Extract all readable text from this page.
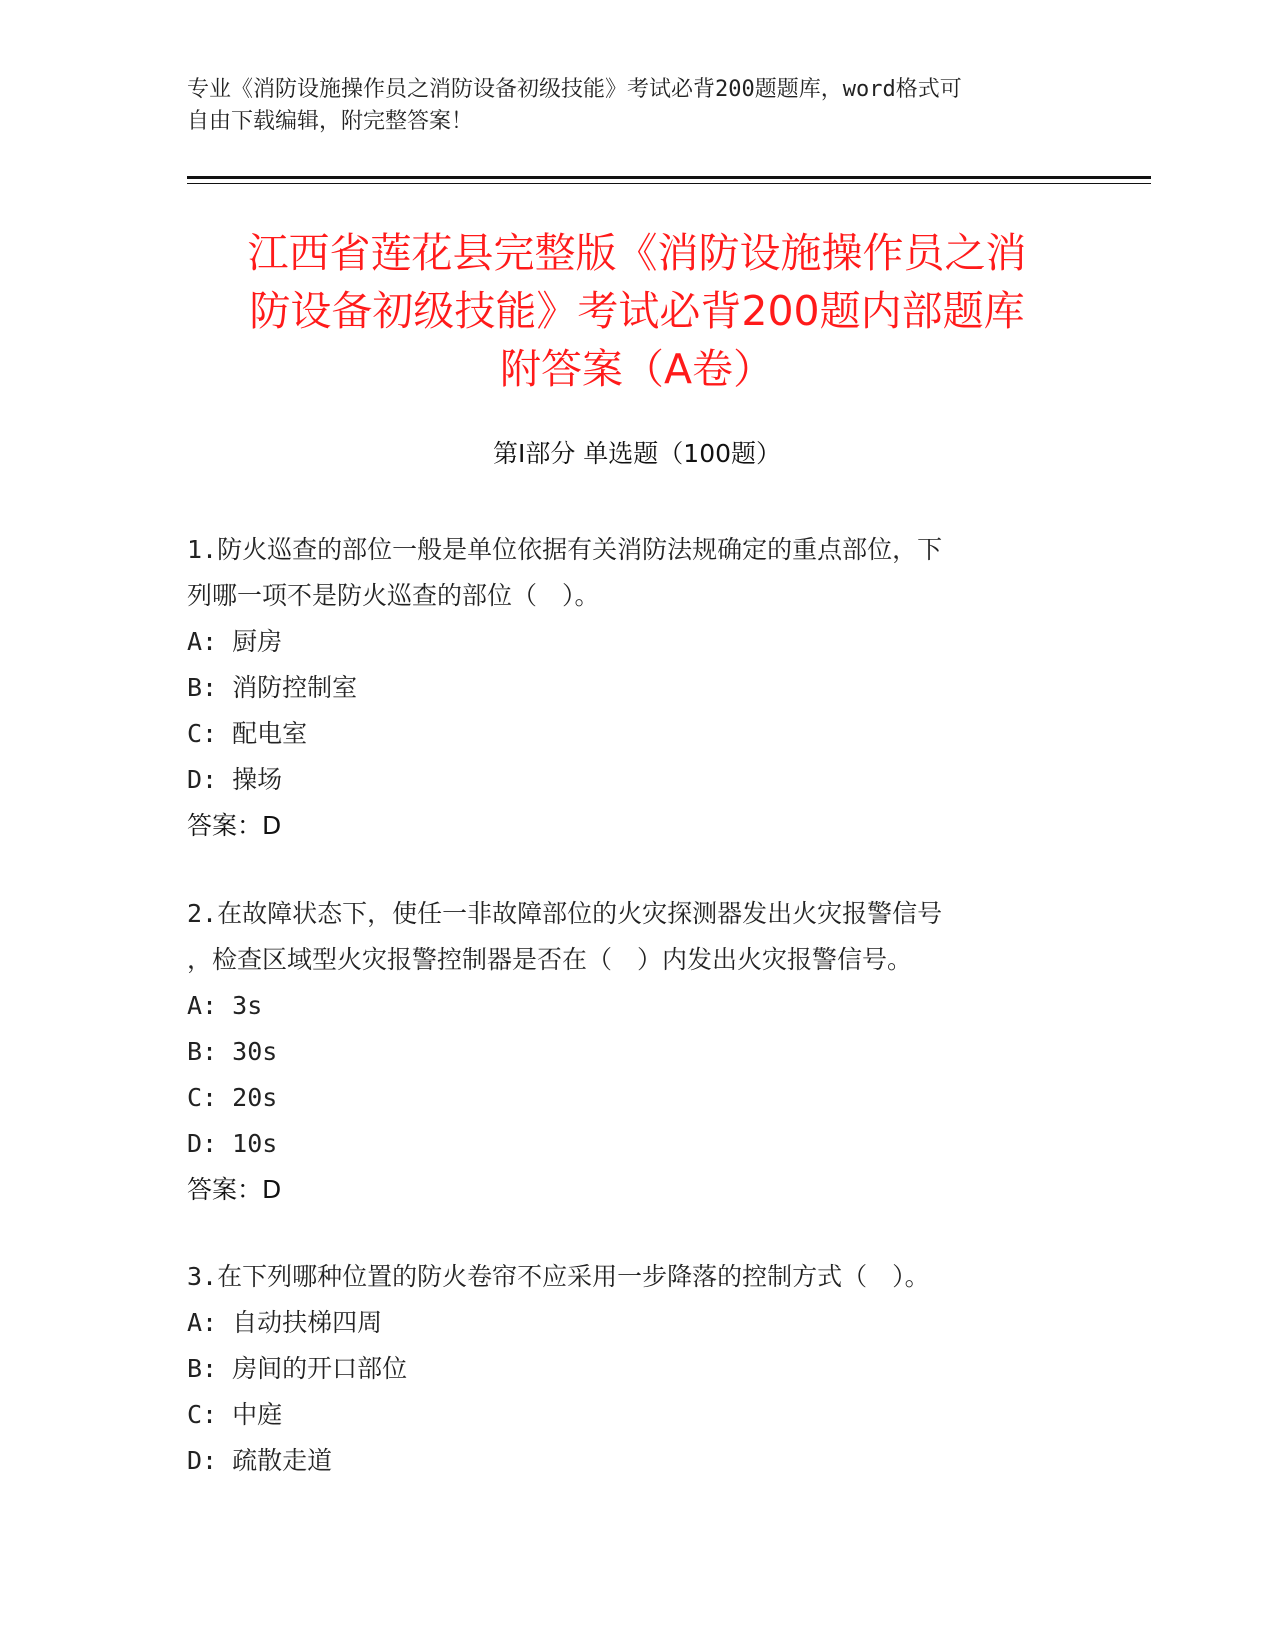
专业《消防设施操作员之消防设备初级技能》考试必背200题题库，word格式可
自由下载编辑，附完整答案！
江西省莲花县完整版《消防设施操作员之消
防设备初级技能》考试必背200题内部题库
附答案（A卷）
第Ⅰ部分 单选题（100题）
1.防火巡查的部位一般是单位依据有关消防法规确定的重点部位，下
列哪一项不是防火巡查的部位（　）。
A: 厨房
B: 消防控制室
C: 配电室
D: 操场
答案：D
2.在故障状态下，使任一非故障部位的火灾探测器发出火灾报警信号
，检查区域型火灾报警控制器是否在（　）内发出火灾报警信号。
A: 3s
B: 30s
C: 20s
D: 10s
答案：D
3.在下列哪种位置的防火卷帘不应采用一步降落的控制方式（　）。
A: 自动扶梯四周
B: 房间的开口部位
C: 中庭
D: 疏散走道
